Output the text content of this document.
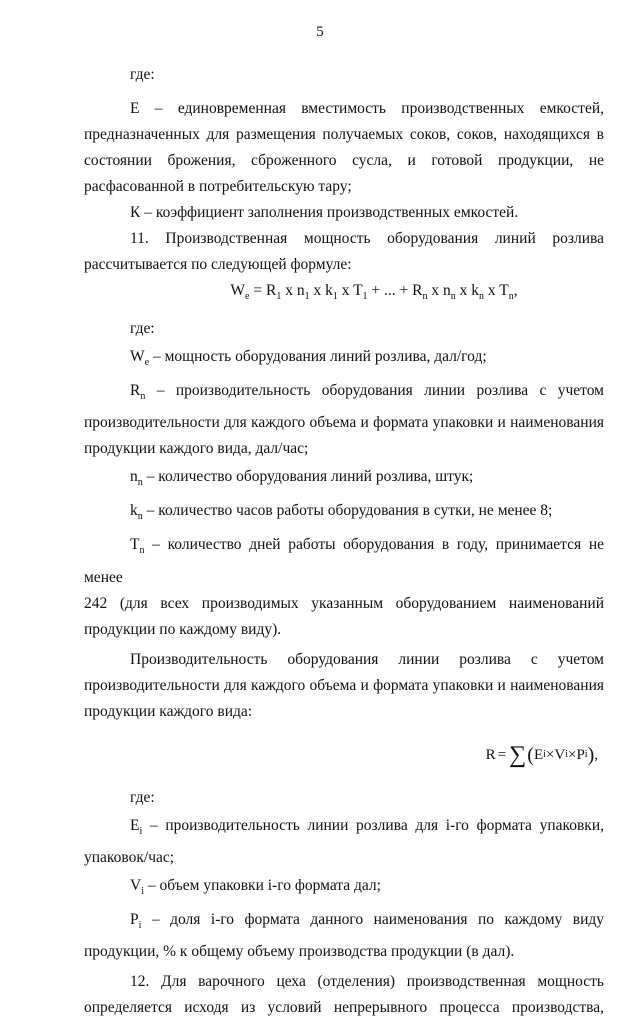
5

где:

Е – единовременная вместимость производственных емкостей,

предназначенных для размещения получаемых соков, соков, находящихся в

состоянии брожения, сброженного сусла, и готовой продукции, не

расфасованной в потребительскую тару;

К – коэффициент заполнения производственных емкостей.

11. Производственная мощность оборудования линий розлива

рассчитывается по следующей формуле:

$W_e = R_1$ x $n_1$ x $k_1$ x $T_1$ + ... + $R_n$ x $n_n$ x $k_n$ x $T_n$,

где:

$W_e$ – мощность оборудования линий розлива, дал/год;

$R_n$ – производительность оборудования линии розлива с учетом

производительности для каждого объема и формата упаковки и наименования

продукции каждого вида, дал/час;

$n_n$ – количество оборудования линий розлива, штук;

$k_n$ – количество часов работы оборудования в сутки, не менее 8;

$T_n$ – количество дней работы оборудования в году, принимается не менее

242 (для всех производимых указанным оборудованием наименований

продукции по каждому виду).

Производительность оборудования линии розлива с учетом

производительности для каждого объема и формата упаковки и наименования

продукции каждого вида:

R = ∑ ( E i × V i × P i ) ,

где:

$E_i$ – производительность линии розлива для i-го формата упаковки,

упаковок/час;

$V_i$ – объем упаковки i-го формата дал;

$P_i$ – доля i-го формата данного наименования по каждому виду

продукции, % к общему объему производства продукции (в дал).

12. Для варочного цеха (отделения) производственная мощность

определяется исходя из условий непрерывного процесса производства,
